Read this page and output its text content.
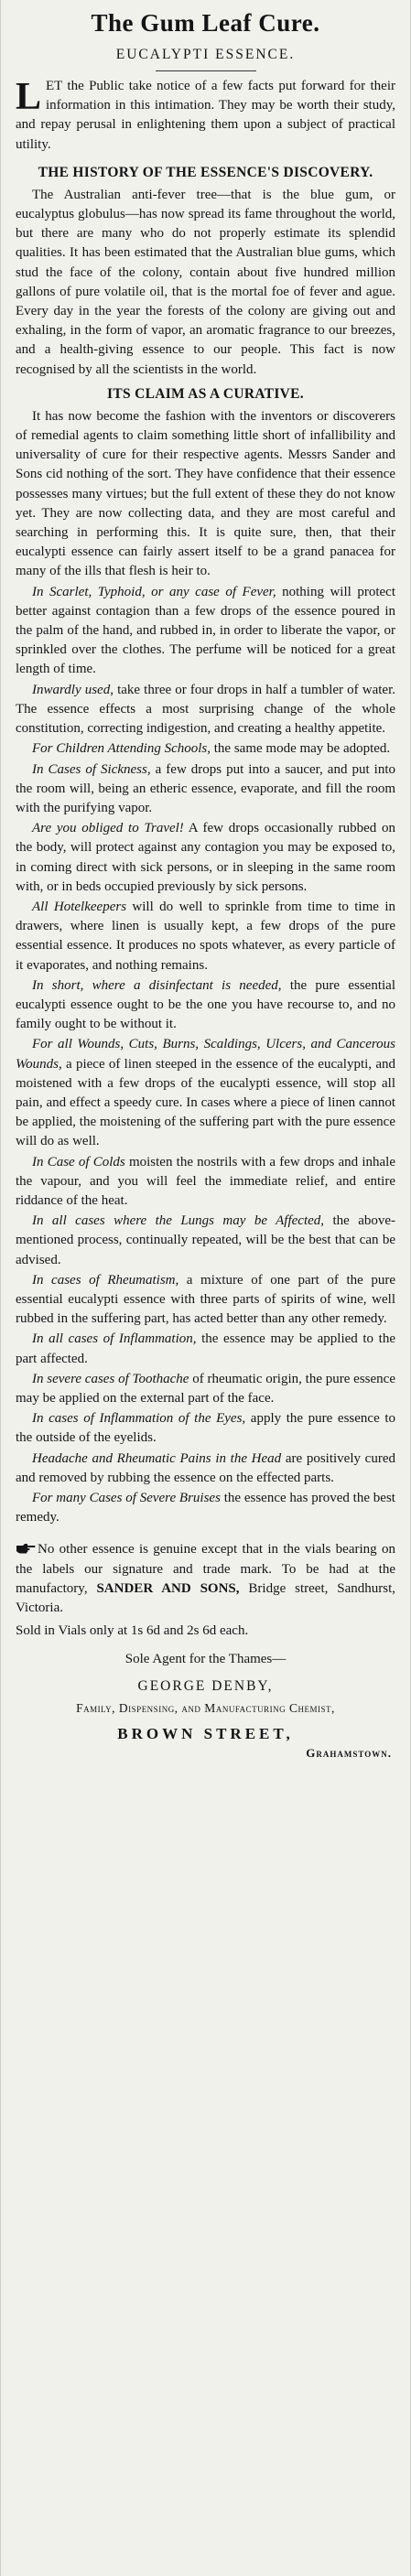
The Gum Leaf Cure.

EUCALYPTI ESSENCE.

LET the Public take notice of a few facts put forward for their information in this intimation. They may be worth their study, and repay perusal in enlightening them upon a subject of practical utility.

THE HISTORY OF THE ESSENCE'S DISCOVERY.

The Australian anti-fever tree—that is the blue gum, or eucalyptus globulus—has now spread its fame throughout the world, but there are many who do not properly estimate its splendid qualities. It has been estimated that the Australian blue gums, which stud the face of the colony, contain about five hundred million gallons of pure volatile oil, that is the mortal foe of fever and ague. Every day in the year the forests of the colony are giving out and exhaling, in the form of vapor, an aromatic fragrance to our breezes, and a health-giving essence to our people. This fact is now recognised by all the scientists in the world.

ITS CLAIM AS A CURATIVE.

It has now become the fashion with the inventors or discoverers of remedial agents to claim something little short of infallibility and universality of cure for their respective agents. Messrs Sander and Sons cid nothing of the sort. They have confidence that their essence possesses many virtues; but the full extent of these they do not know yet. They are now collecting data, and they are most careful and searching in performing this. It is quite sure, then, that their eucalypti essence can fairly assert itself to be a grand panacea for many of the ills that flesh is heir to.

In Scarlet, Typhoid, or any case of Fever, nothing will protect better against contagion than a few drops of the essence poured in the palm of the hand, and rubbed in, in order to liberate the vapor, or sprinkled over the clothes. The perfume will be noticed for a great length of time.

Inwardly used, take three or four drops in half a tumbler of water. The essence effects a most surprising change of the whole constitution, correcting indigestion, and creating a healthy appetite.

For Children Attending Schools, the same mode may be adopted.

In Cases of Sickness, a few drops put into a saucer, and put into the room will, being an etheric essence, evaporate, and fill the room with the purifying vapor.

Are you obliged to Travel! A few drops occasionally rubbed on the body, will protect against any contagion you may be exposed to, in coming direct with sick persons, or in sleeping in the same room with, or in beds occupied previously by sick persons.

All Hotelkeepers will do well to sprinkle from time to time in drawers, where linen is usually kept, a few drops of the pure essential essence. It produces no spots whatever, as every particle of it evaporates, and nothing remains.

In short, where a disinfectant is needed, the pure essential eucalypti essence ought to be the one you have recourse to, and no family ought to be without it.

For all Wounds, Cuts, Burns, Scaldings, Ulcers, and Cancerous Wounds, a piece of linen steeped in the essence of the eucalypti, and moistened with a few drops of the eucalypti essence, will stop all pain, and effect a speedy cure. In cases where a piece of linen cannot be applied, the moistening of the suffering part with the pure essence will do as well.

In Case of Colds moisten the nostrils with a few drops and inhale the vapour, and you will feel the immediate relief, and entire riddance of the heat.

In all cases where the Lungs may be Affected, the above-mentioned process, continually repeated, will be the best that can be advised.

In cases of Rheumatism, a mixture of one part of the pure essential eucalypti essence with three parts of spirits of wine, well rubbed in the suffering part, has acted better than any other remedy.

In all cases of Inflammation, the essence may be applied to the part affected.

In severe cases of Toothache of rheumatic origin, the pure essence may be applied on the external part of the face.

In cases of Inflammation of the Eyes, apply the pure essence to the outside of the eyelids.

Headache and Rheumatic Pains in the Head are positively cured and removed by rubbing the essence on the effected parts.

For many Cases of Severe Bruises the essence has proved the best remedy.

No other essence is genuine except that in the vials bearing on the labels our signature and trade mark. To be had at the manufactory, SANDER AND SONS, Bridge street, Sandhurst, Victoria.

Sold in Vials only at 1s 6d and 2s 6d each.

Sole Agent for the Thames—

GEORGE DENBY,

Family, Dispensing, and Manufacturing Chemist,

BROWN STREET,

Grahamstown.
